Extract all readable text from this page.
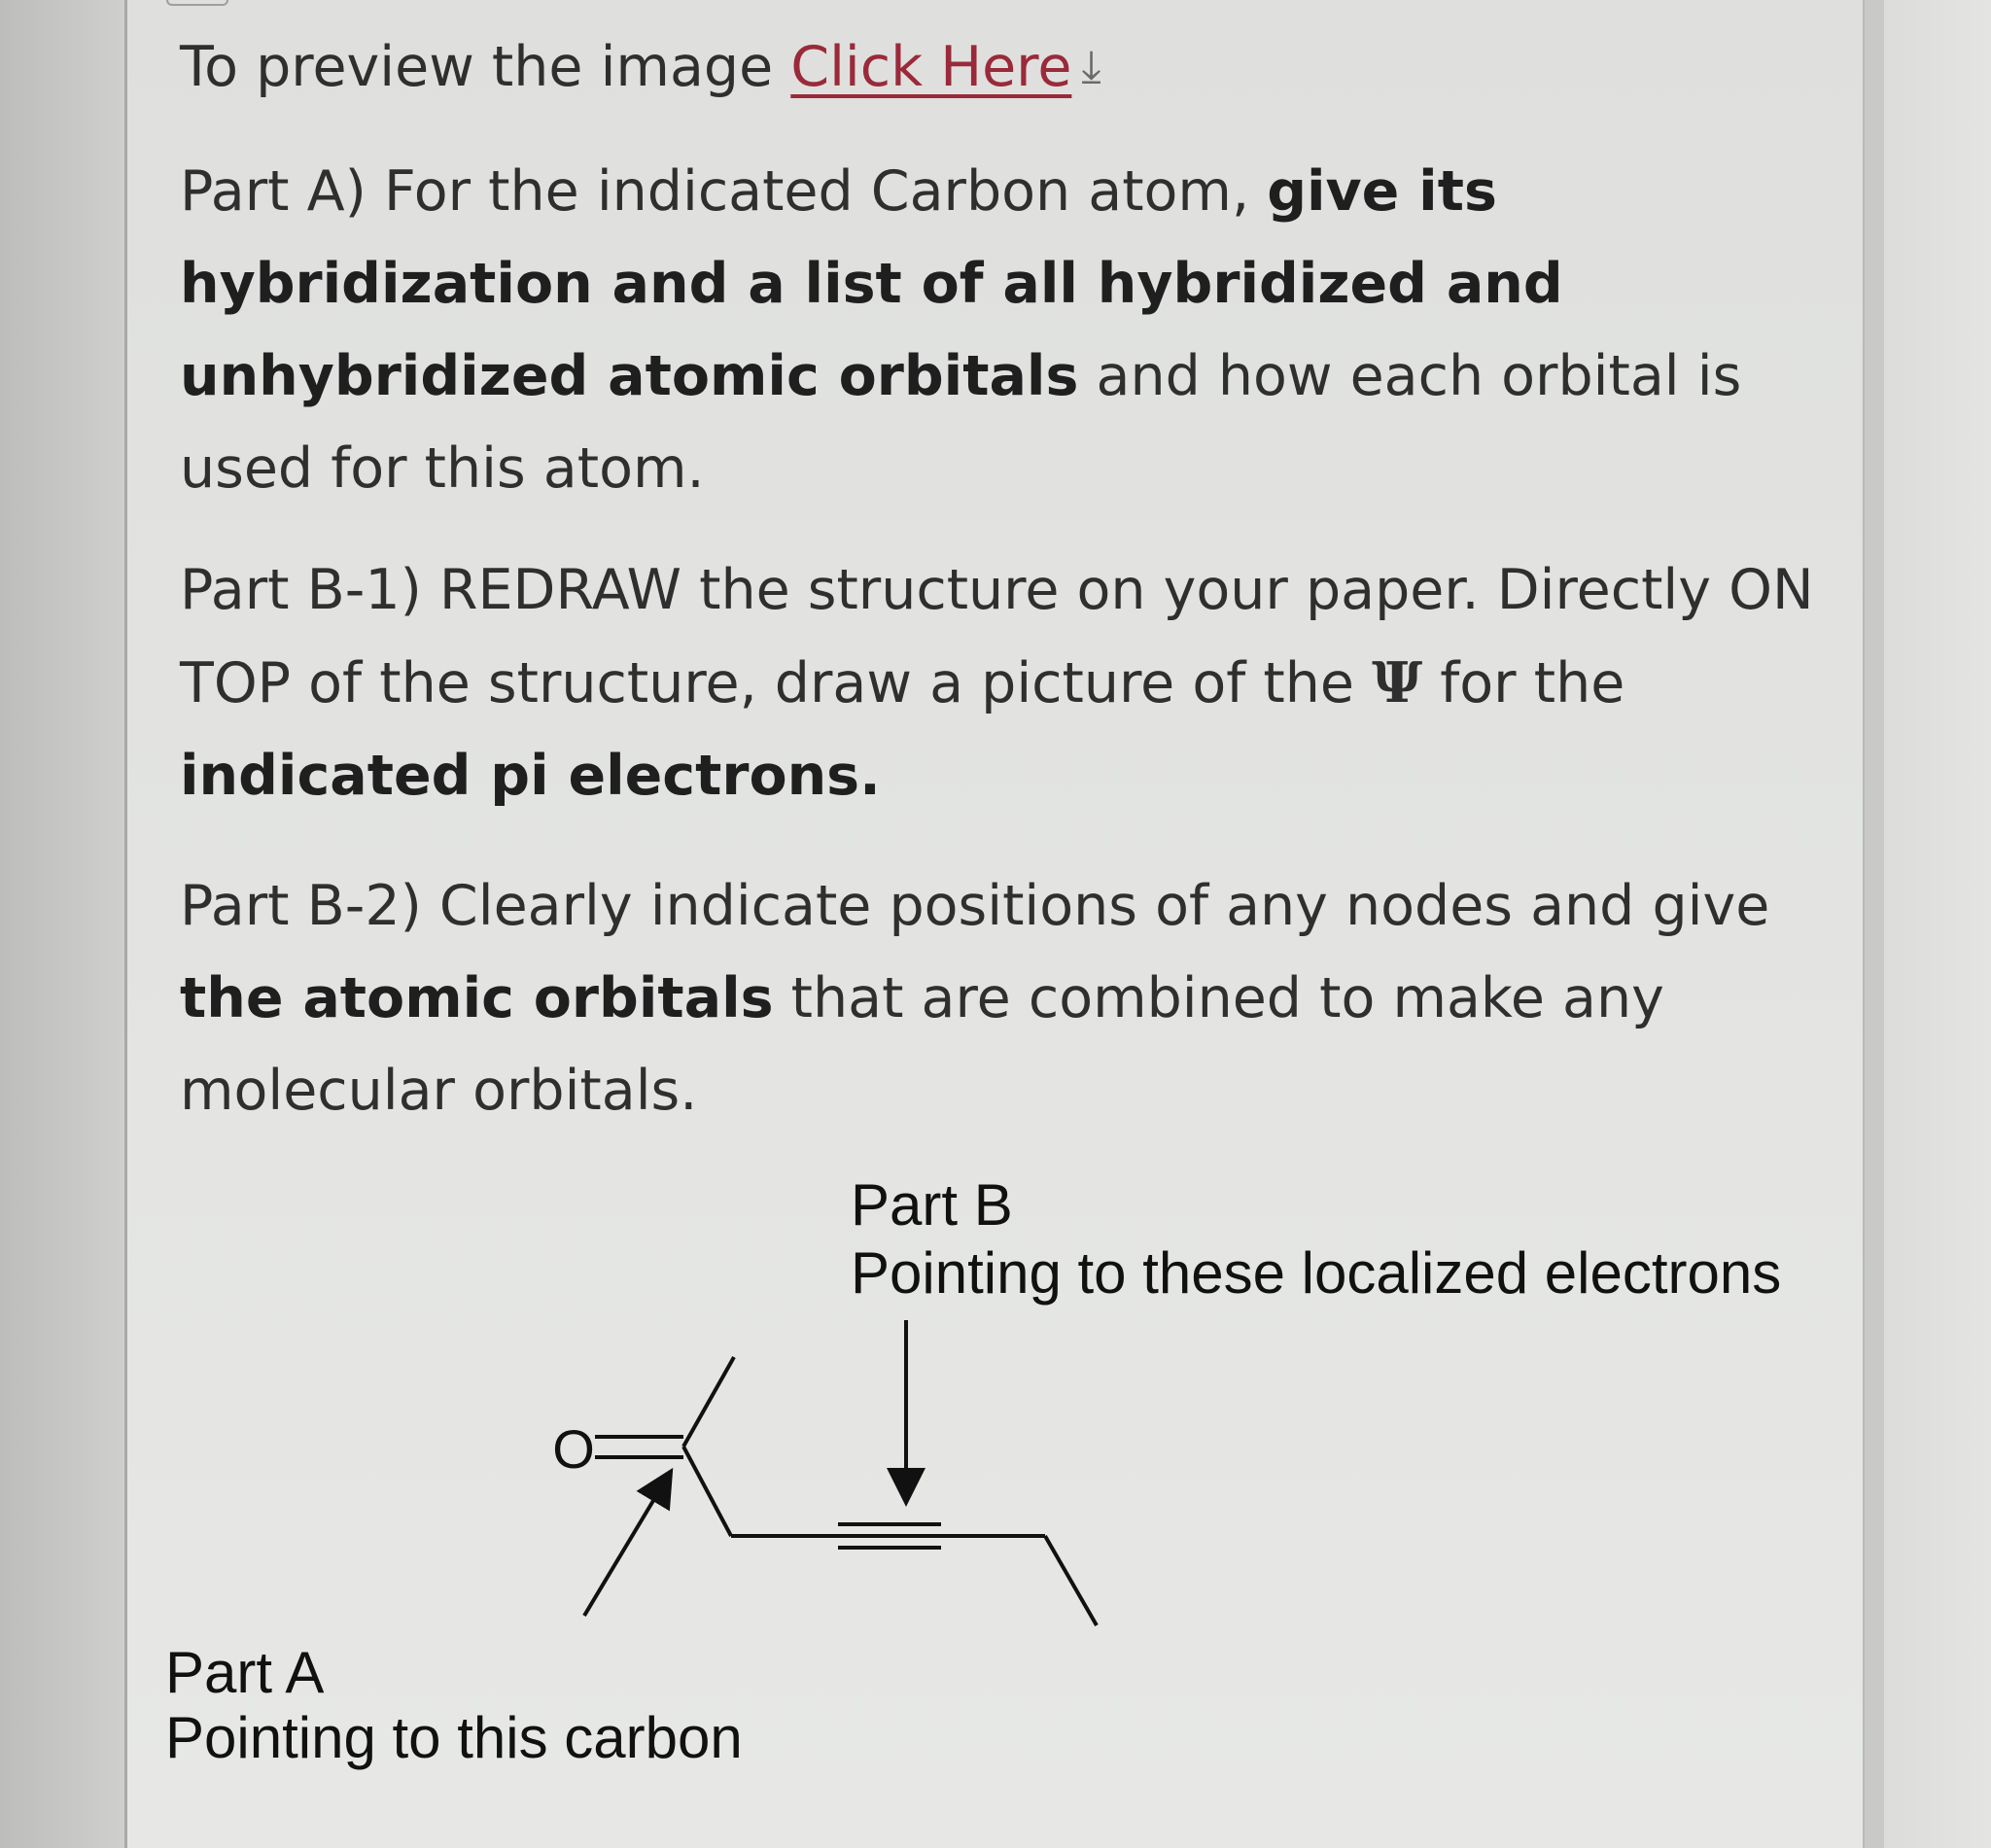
To preview the image Click Here ⤓

Part A) For the indicated Carbon atom, give its hybridization and a list of all hybridized and unhybridized atomic orbitals and how each orbital is used for this atom.

Part B-1) REDRAW the structure on your paper. Directly ON TOP of the structure, draw a picture of the Ψ for the indicated pi electrons.

Part B-2) Clearly indicate positions of any nodes and give the atomic orbitals that are combined to make any molecular orbitals.

Part B

Pointing to these localized electrons

Part A

Pointing to this carbon

O
